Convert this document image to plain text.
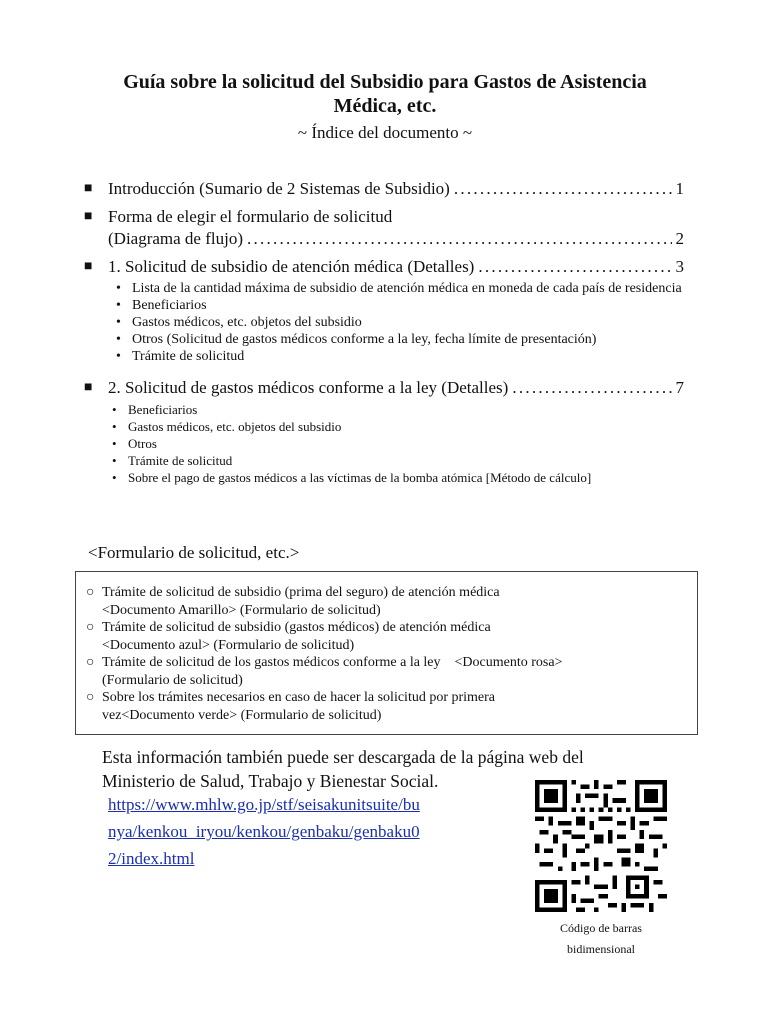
Guía sobre la solicitud del Subsidio para Gastos de Asistencia
Médica, etc.
~ Índice del documento ~
■ Introducción (Sumario de 2 Sistemas de Subsidio) . . .	1
■ Forma de elegir el formulario de solicitud
(Diagrama de flujo) . . .	2
■ 1. Solicitud de subsidio de atención médica (Detalles) . . .	3
• Lista de la cantidad máxima de subsidio de atención médica en moneda de cada país de residencia
• Beneficiarios
• Gastos médicos, etc. objetos del subsidio
• Otros (Solicitud de gastos médicos conforme a la ley, fecha límite de presentación)
• Trámite de solicitud
■ 2. Solicitud de gastos médicos conforme a la ley (Detalles) . . .	7
• Beneficiarios
• Gastos médicos, etc. objetos del subsidio
• Otros
• Trámite de solicitud
• Sobre el pago de gastos médicos a las víctimas de la bomba atómica [Método de cálculo]
<Formulario de solicitud, etc.>
○ Trámite de solicitud de subsidio (prima del seguro) de atención médica
<Documento Amarillo> (Formulario de solicitud)
○ Trámite de solicitud de subsidio (gastos médicos) de atención médica
<Documento azul> (Formulario de solicitud)
○ Trámite de solicitud de los gastos médicos conforme a la ley　<Documento rosa>
(Formulario de solicitud)
○ Sobre los trámites necesarios en caso de hacer la solicitud por primera
vez<Documento verde> (Formulario de solicitud)
Esta información también puede ser descargada de la página web del
Ministerio de Salud, Trabajo y Bienestar Social.
https://www.mhlw.go.jp/stf/seisakunitsuite/bu
nya/kenkou_iryou/kenkou/genbaku/genbaku0
2/index.html
Código de barras
bidimensional
